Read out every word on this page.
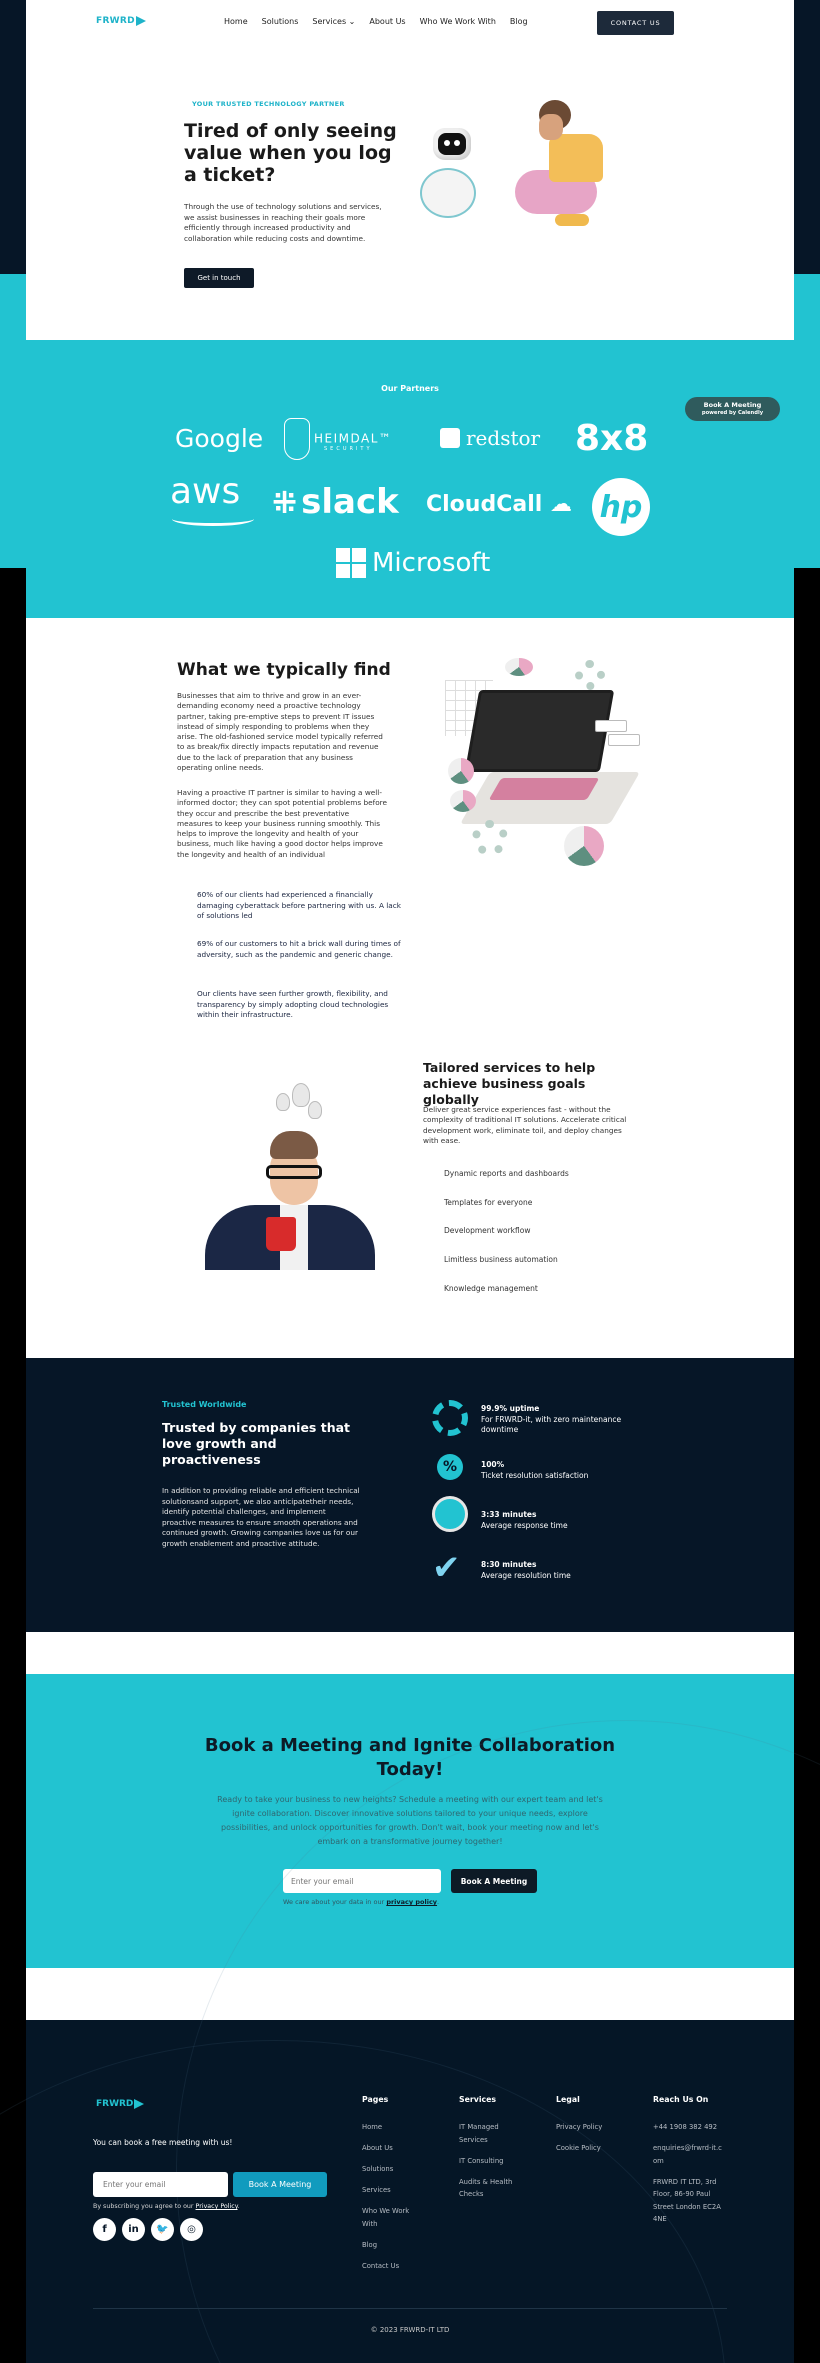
FRWRD	Home Solutions Services ⌄ About Us Who We Work With Blog	CONTACT US
YOUR TRUSTED TECHNOLOGY PARTNER
Tired of only seeing value when you log a ticket?

Through the use of technology solutions and services, we assist businesses in reaching their goals more efficiently through increased productivity and collaboration while reducing costs and downtime.

Get in touch
Our Partners
Google	HEIMDAL™
SECURITY	redstor 8x8
aws ⁜ slack CloudCall ☁ hp
Microsoft
Book A Meeting
powered by Calendly
What we typically find

Businesses that aim to thrive and grow in an ever-demanding economy need a proactive technology partner, taking pre-emptive steps to prevent IT issues instead of simply responding to problems when they arise. The old-fashioned service model typically referred to as break/fix directly impacts reputation and revenue due to the lack of preparation that any business operating online needs.

Having a proactive IT partner is similar to having a well-informed doctor; they can spot potential problems before they occur and prescribe the best preventative measures to keep your business running smoothly. This helps to improve the longevity and health of your business, much like having a good doctor helps improve the longevity and health of an individual

60% of our clients had experienced a financially damaging cyberattack before partnering with us. A lack of solutions led
69% of our customers to hit a brick wall during times of adversity, such as the pandemic and generic change.
Our clients have seen further growth, flexibility, and transparency by simply adopting cloud technologies within their infrastructure.
Tailored services to help achieve business goals globally

Deliver great service experiences fast - without the complexity of traditional IT solutions. Accelerate critical development work, eliminate toil, and deploy changes with ease.

Dynamic reports and dashboards
Templates for everyone
Development workflow
Limitless business automation
Knowledge management
Trusted Worldwide
Trusted by companies that love growth and proactiveness

In addition to providing reliable and efficient technical solutionsand support, we also anticipatetheir needs, identify potential challenges, and implement proactive measures to ensure smooth operations and continued growth. Growing companies love us for our growth enablement and proactive attitude.

99.9% uptime
For FRWRD-it, with zero maintenance downtime
%	100%
Ticket resolution satisfaction
3:33 minutes
Average response time
✔	8:30 minutes
Average resolution time
Book a Meeting and Ignite Collaboration Today!

Ready to take your business to new heights? Schedule a meeting with our expert team and let's ignite collaboration. Discover innovative solutions tailored to your unique needs, explore possibilities, and unlock opportunities for growth. Don't wait, book your meeting now and let's embark on a transformative journey together!

Enter your email
Book A Meeting
We care about your data in our privacy policy.
FRWRD
You can book a free meeting with us!
Enter your email
Book A Meeting
By subscribing you agree to our Privacy Policy.
f	in	🐦	◎
Pages
Home
About Us
Solutions
Services
Who We Work With
Blog
Contact Us
Services
IT Managed Services
IT Consulting
Audits & Health Checks
Legal
Privacy Policy
Cookie Policy
Reach Us On
+44 1908 382 492
enquiries@frwrd-it.com
FRWRD IT LTD, 3rd Floor, 86-90 Paul Street London EC2A 4NE
© 2023 FRWRD-IT LTD
